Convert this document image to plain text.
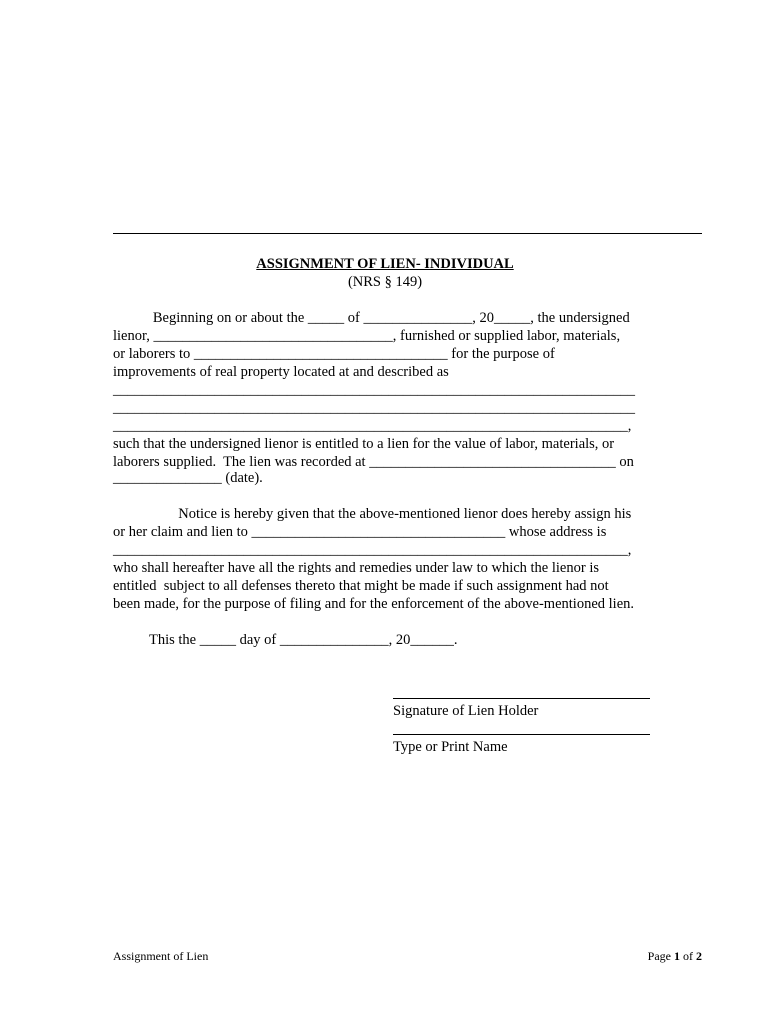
ASSIGNMENT OF LIEN- INDIVIDUAL
(NRS § 149)
Beginning on or about the _____ of _______________, 20_____, the undersigned
lienor, _________________________________, furnished or supplied labor, materials,
or laborers to ___________________________________ for the purpose of
improvements of real property located at and described as
________________________________________________________________________
________________________________________________________________________
_______________________________________________________________________,
such that the undersigned lienor is entitled to a lien for the value of labor, materials, or
laborers supplied.  The lien was recorded at __________________________________ on
_______________ (date).
Notice is hereby given that the above-mentioned lienor does hereby assign his
or her claim and lien to ___________________________________ whose address is
_______________________________________________________________________,
who shall hereafter have all the rights and remedies under law to which the lienor is
entitled  subject to all defenses thereto that might be made if such assignment had not
been made, for the purpose of filing and for the enforcement of the above-mentioned lien.
This the _____ day of _______________, 20______.
Signature of Lien Holder
Type or Print Name
Assignment of Lien	Page 1 of 2
